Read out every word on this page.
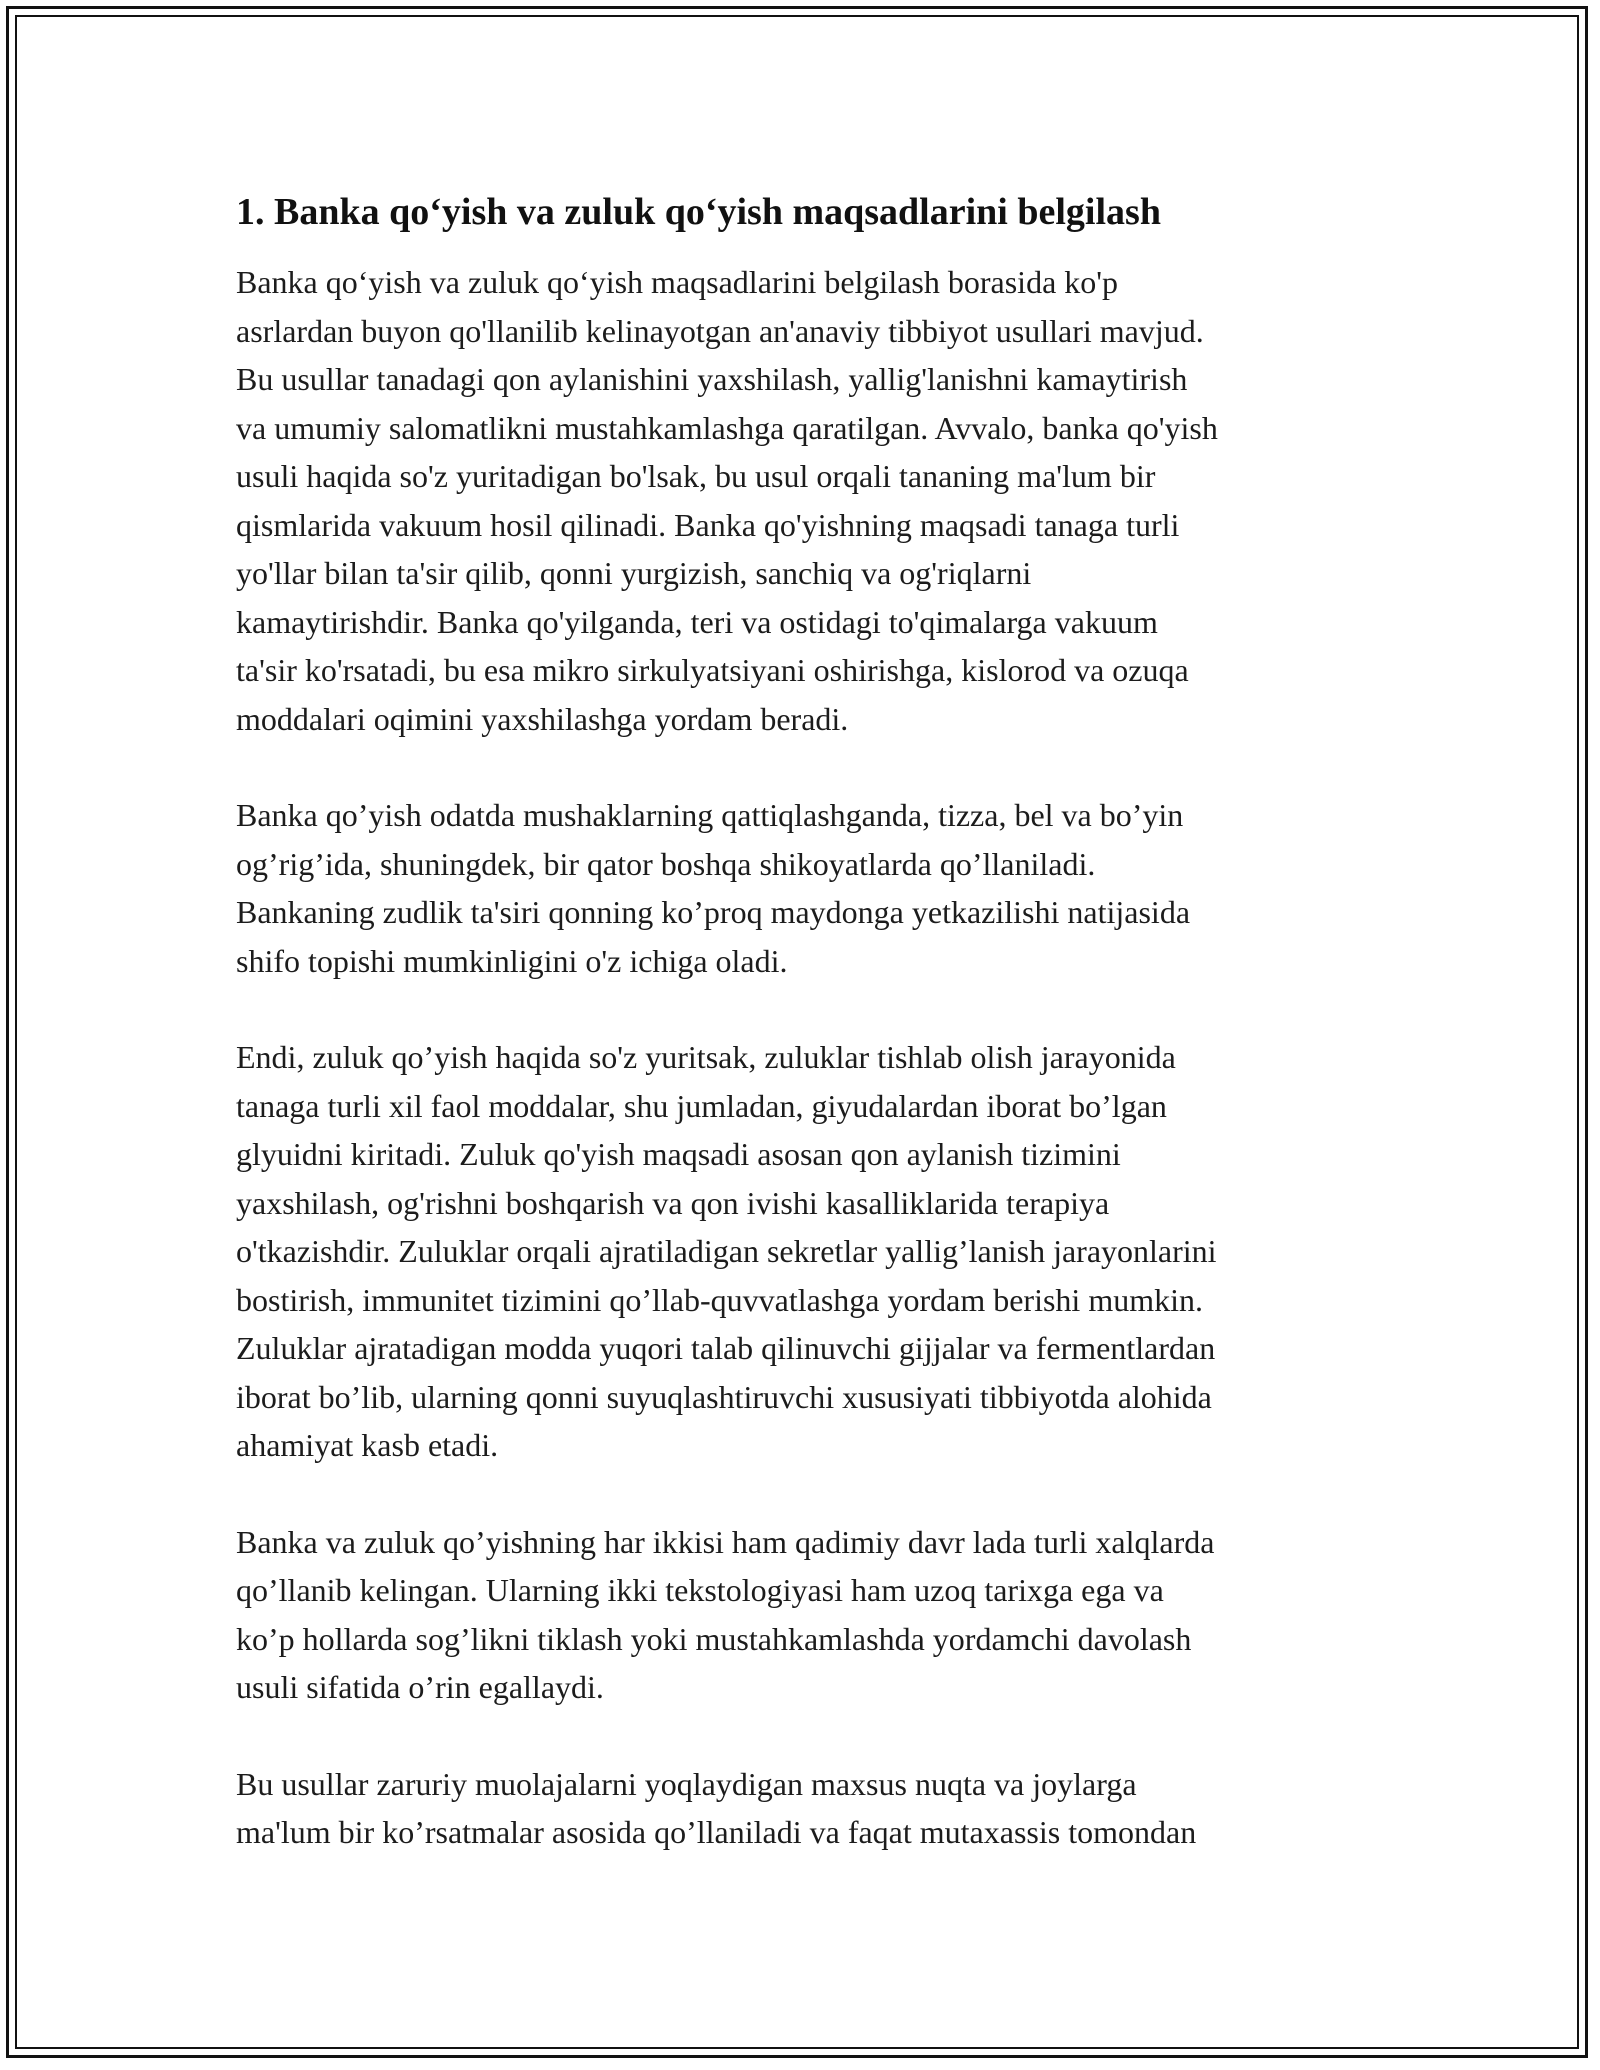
1. Banka qo‘yish va zuluk qo‘yish maqsadlarini belgilash

Banka qo‘yish va zuluk qo‘yish maqsadlarini belgilash borasida ko'p
asrlardan buyon qo'llanilib kelinayotgan an'anaviy tibbiyot usullari mavjud.
Bu usullar tanadagi qon aylanishini yaxshilash, yallig'lanishni kamaytirish
va umumiy salomatlikni mustahkamlashga qaratilgan. Avvalo, banka qo'yish
usuli haqida so'z yuritadigan bo'lsak, bu usul orqali tananing ma'lum bir
qismlarida vakuum hosil qilinadi. Banka qo'yishning maqsadi tanaga turli
yo'llar bilan ta'sir qilib, qonni yurgizish, sanchiq va og'riqlarni
kamaytirishdir. Banka qo'yilganda, teri va ostidagi to'qimalarga vakuum
ta'sir ko'rsatadi, bu esa mikro sirkulyatsiyani oshirishga, kislorod va ozuqa
moddalari oqimini yaxshilashga yordam beradi.

Banka qo’yish odatda mushaklarning qattiqlashganda, tizza, bel va bo’yin
og’rig’ida, shuningdek, bir qator boshqa shikoyatlarda qo’llaniladi.
Bankaning zudlik ta'siri qonning ko’proq maydonga yetkazilishi natijasida
shifo topishi mumkinligini o'z ichiga oladi.

Endi, zuluk qo’yish haqida so'z yuritsak, zuluklar tishlab olish jarayonida
tanaga turli xil faol moddalar, shu jumladan, giyudalardan iborat bo’lgan
glyuidni kiritadi. Zuluk qo'yish maqsadi asosan qon aylanish tizimini
yaxshilash, og'rishni boshqarish va qon ivishi kasalliklarida terapiya
o'tkazishdir. Zuluklar orqali ajratiladigan sekretlar yallig’lanish jarayonlarini
bostirish, immunitet tizimini qo’llab-quvvatlashga yordam berishi mumkin.
Zuluklar ajratadigan modda yuqori talab qilinuvchi gijjalar va fermentlardan
iborat bo’lib, ularning qonni suyuqlashtiruvchi xususiyati tibbiyotda alohida
ahamiyat kasb etadi.

Banka va zuluk qo’yishning har ikkisi ham qadimiy davr lada turli xalqlarda
qo’llanib kelingan. Ularning ikki tekstologiyasi ham uzoq tarixga ega va
ko’p hollarda sog’likni tiklash yoki mustahkamlashda yordamchi davolash
usuli sifatida o’rin egallaydi.

Bu usullar zaruriy muolajalarni yoqlaydigan maxsus nuqta va joylarga
ma'lum bir ko’rsatmalar asosida qo’llaniladi va faqat mutaxassis tomondan
